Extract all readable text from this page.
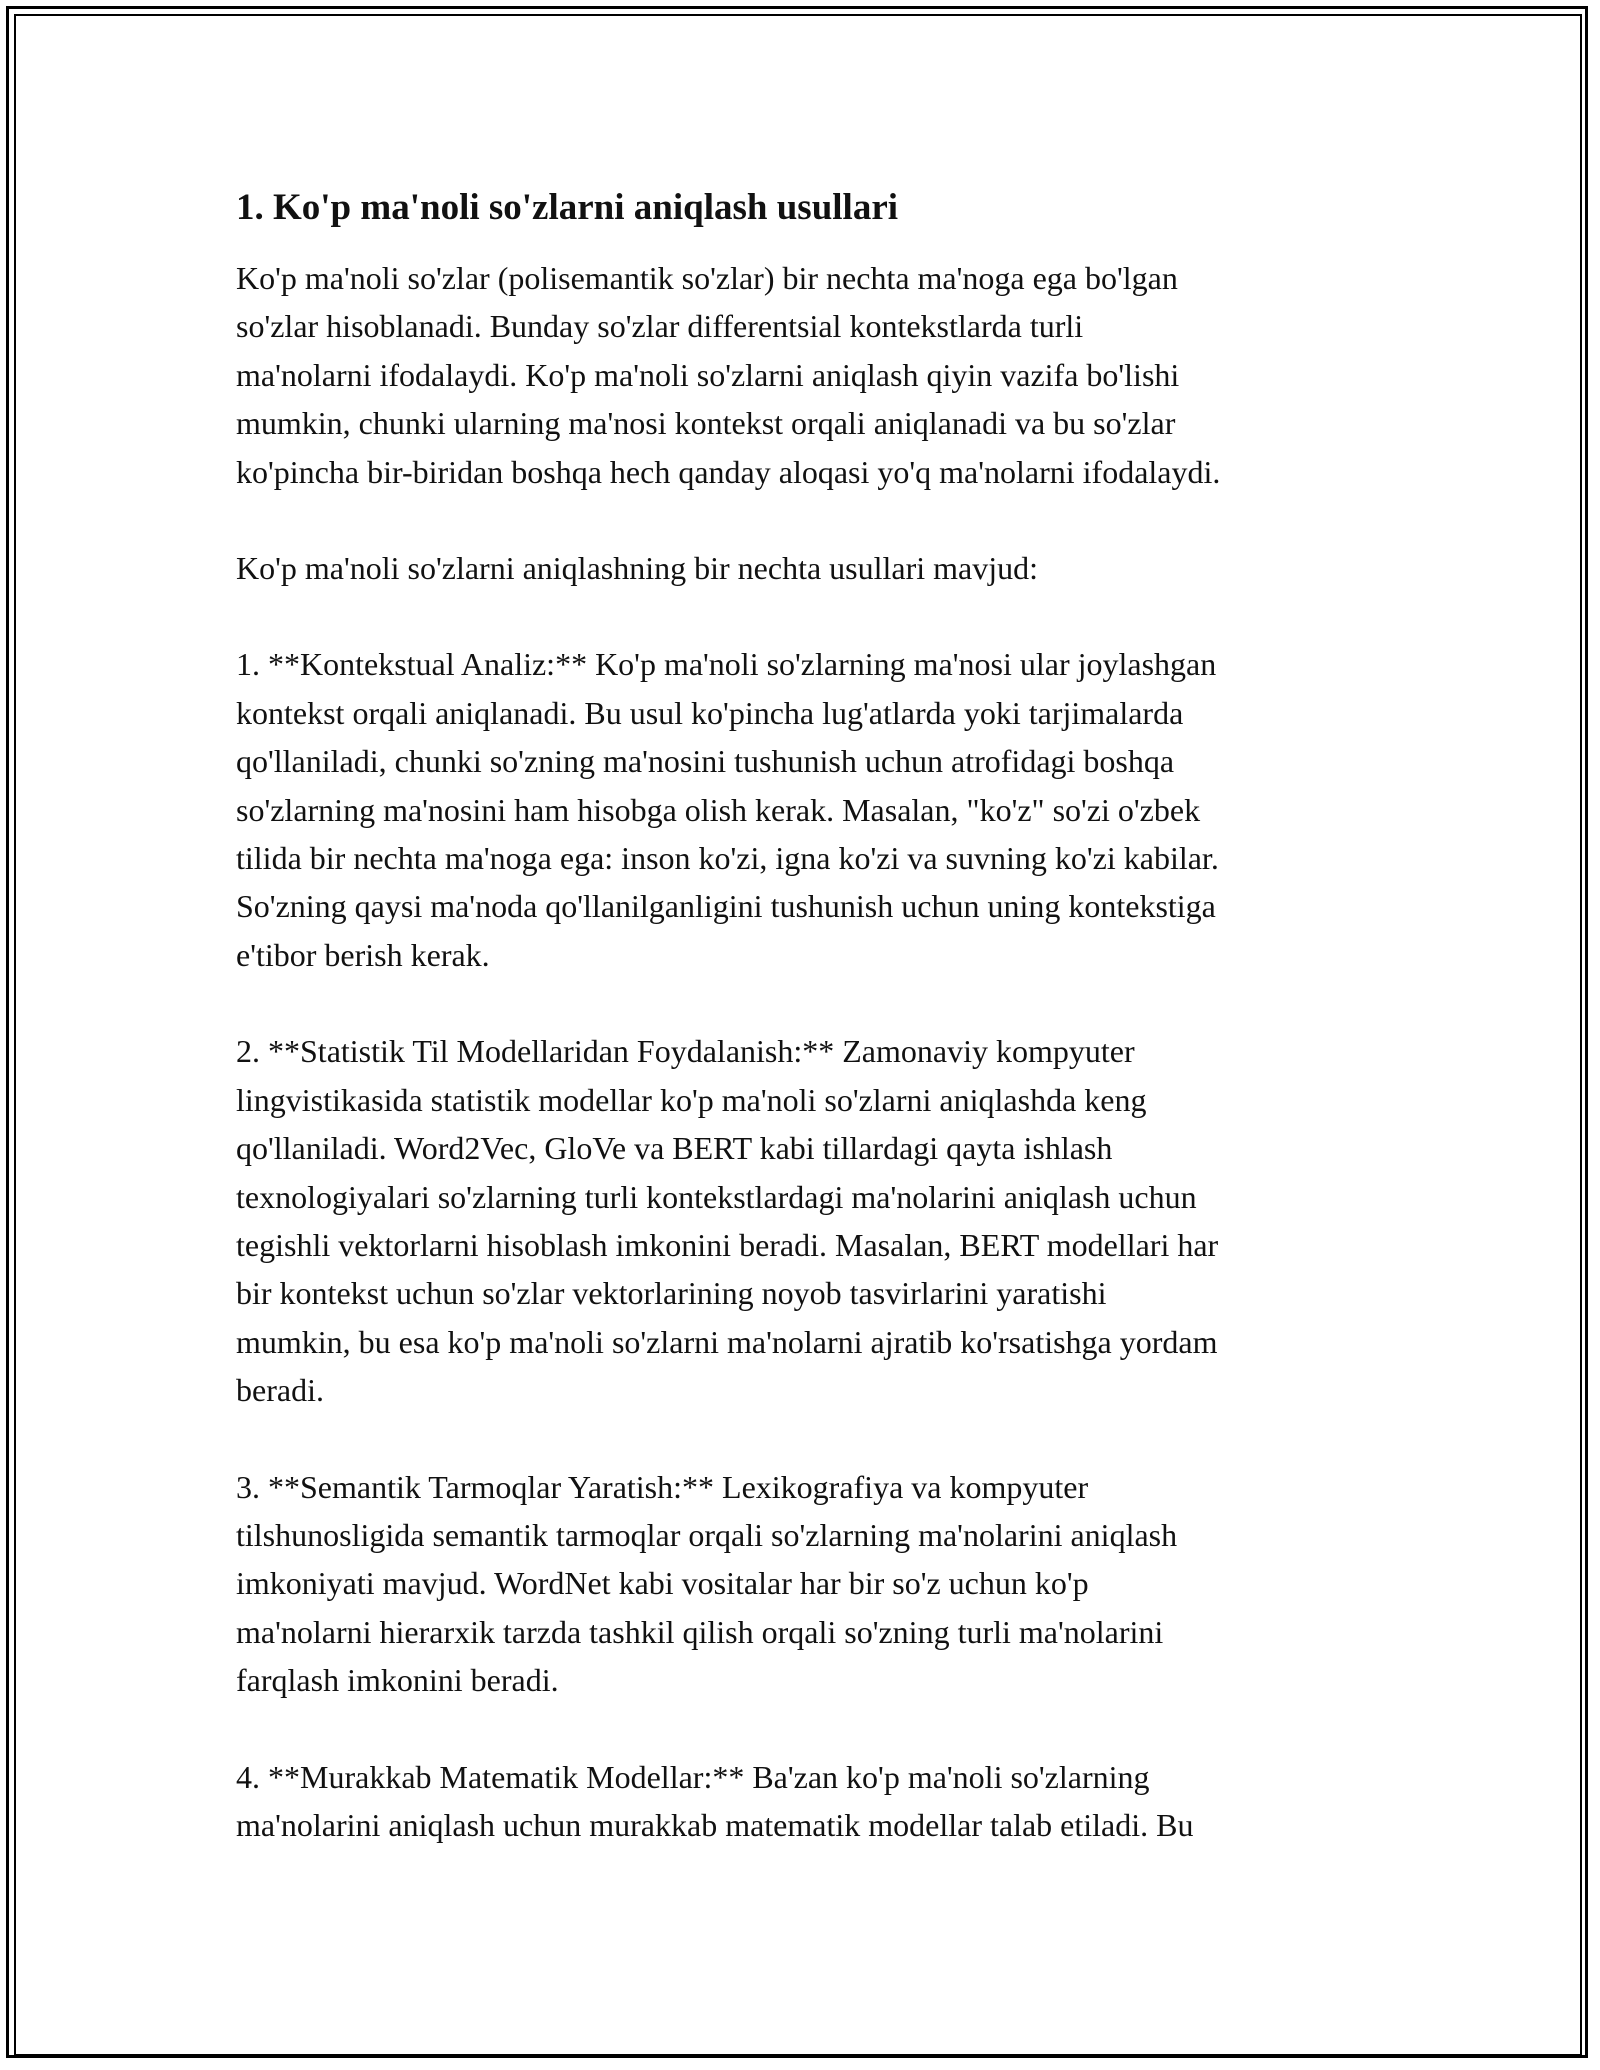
1. Ko'p ma'noli so'zlarni aniqlash usullari

Ko'p ma'noli so'zlar (polisemantik so'zlar) bir nechta ma'noga ega bo'lgan
so'zlar hisoblanadi. Bunday so'zlar differentsial kontekstlarda turli
ma'nolarni ifodalaydi. Ko'p ma'noli so'zlarni aniqlash qiyin vazifa bo'lishi
mumkin, chunki ularning ma'nosi kontekst orqali aniqlanadi va bu so'zlar
ko'pincha bir-biridan boshqa hech qanday aloqasi yo'q ma'nolarni ifodalaydi.

Ko'p ma'noli so'zlarni aniqlashning bir nechta usullari mavjud:

1. **Kontekstual Analiz:** Ko'p ma'noli so'zlarning ma'nosi ular joylashgan
kontekst orqali aniqlanadi. Bu usul ko'pincha lug'atlarda yoki tarjimalarda
qo'llaniladi, chunki so'zning ma'nosini tushunish uchun atrofidagi boshqa
so'zlarning ma'nosini ham hisobga olish kerak. Masalan, "ko'z" so'zi o'zbek
tilida bir nechta ma'noga ega: inson ko'zi, igna ko'zi va suvning ko'zi kabilar.
So'zning qaysi ma'noda qo'llanilganligini tushunish uchun uning kontekstiga
e'tibor berish kerak.

2. **Statistik Til Modellaridan Foydalanish:** Zamonaviy kompyuter
lingvistikasida statistik modellar ko'p ma'noli so'zlarni aniqlashda keng
qo'llaniladi. Word2Vec, GloVe va BERT kabi tillardagi qayta ishlash
texnologiyalari so'zlarning turli kontekstlardagi ma'nolarini aniqlash uchun
tegishli vektorlarni hisoblash imkonini beradi. Masalan, BERT modellari har
bir kontekst uchun so'zlar vektorlarining noyob tasvirlarini yaratishi
mumkin, bu esa ko'p ma'noli so'zlarni ma'nolarni ajratib ko'rsatishga yordam
beradi.

3. **Semantik Tarmoqlar Yaratish:** Lexikografiya va kompyuter
tilshunosligida semantik tarmoqlar orqali so'zlarning ma'nolarini aniqlash
imkoniyati mavjud. WordNet kabi vositalar har bir so'z uchun ko'p
ma'nolarni hierarxik tarzda tashkil qilish orqali so'zning turli ma'nolarini
farqlash imkonini beradi.

4. **Murakkab Matematik Modellar:** Ba'zan ko'p ma'noli so'zlarning
ma'nolarini aniqlash uchun murakkab matematik modellar talab etiladi. Bu
